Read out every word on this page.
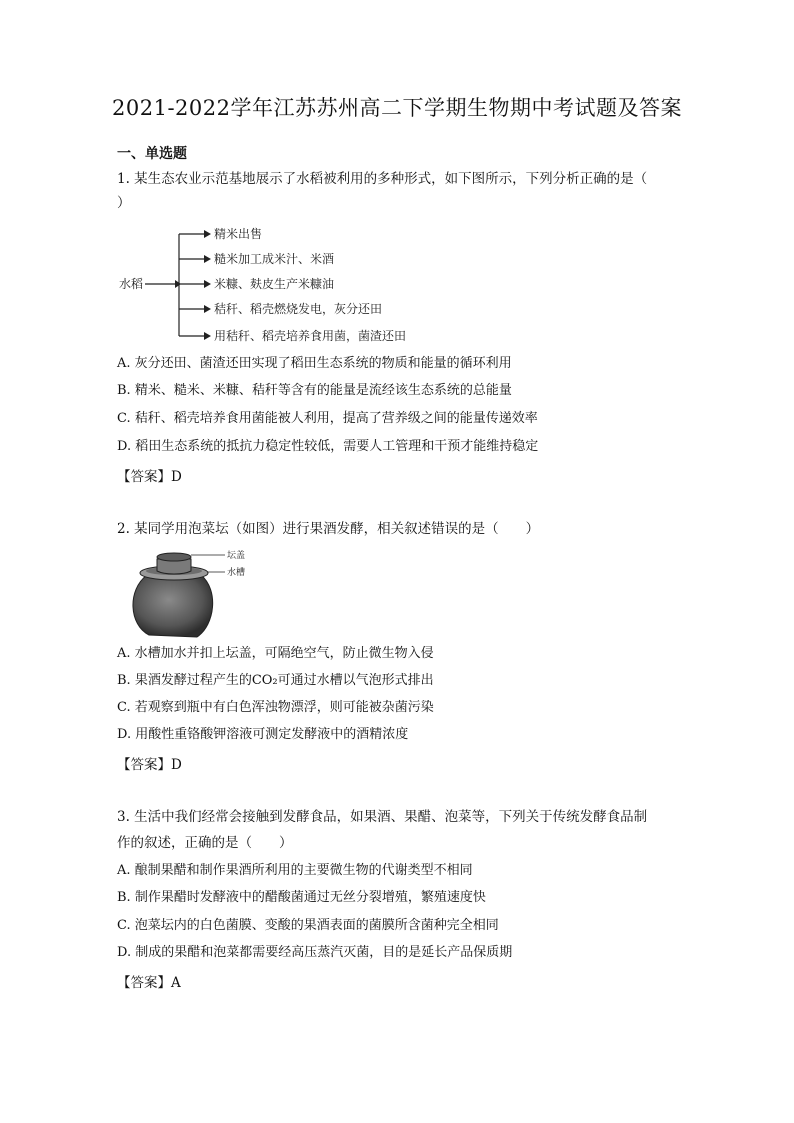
2021-2022学年江苏苏州高二下学期生物期中考试题及答案
一、单选题
1. 某生态农业示范基地展示了水稻被利用的多种形式，如下图所示，下列分析正确的是（
）
水稻
精米出售
糙米加工成米汁、米酒
米糠、麸皮生产米糠油
秸秆、稻壳燃烧发电，灰分还田
用秸秆、稻壳培养食用菌，菌渣还田
A. 灰分还田、菌渣还田实现了稻田生态系统的物质和能量的循环利用
B. 精米、糙米、米糠、秸秆等含有的能量是流经该生态系统的总能量
C. 秸秆、稻壳培养食用菌能被人利用，提高了营养级之间的能量传递效率
D. 稻田生态系统的抵抗力稳定性较低，需要人工管理和干预才能维持稳定
【答案】D
2. 某同学用泡菜坛（如图）进行果酒发酵，相关叙述错误的是（　　）
坛盖
水槽
A. 水槽加水并扣上坛盖，可隔绝空气，防止微生物入侵
B. 果酒发酵过程产生的CO₂可通过水槽以气泡形式排出
C. 若观察到瓶中有白色浑浊物漂浮，则可能被杂菌污染
D. 用酸性重铬酸钾溶液可测定发酵液中的酒精浓度
【答案】D
3. 生活中我们经常会接触到发酵食品，如果酒、果醋、泡菜等，下列关于传统发酵食品制
作的叙述，正确的是（　　）
A. 酿制果醋和制作果酒所利用的主要微生物的代谢类型不相同
B. 制作果醋时发酵液中的醋酸菌通过无丝分裂增殖，繁殖速度快
C. 泡菜坛内的白色菌膜、变酸的果酒表面的菌膜所含菌种完全相同
D. 制成的果醋和泡菜都需要经高压蒸汽灭菌，目的是延长产品保质期
【答案】A
